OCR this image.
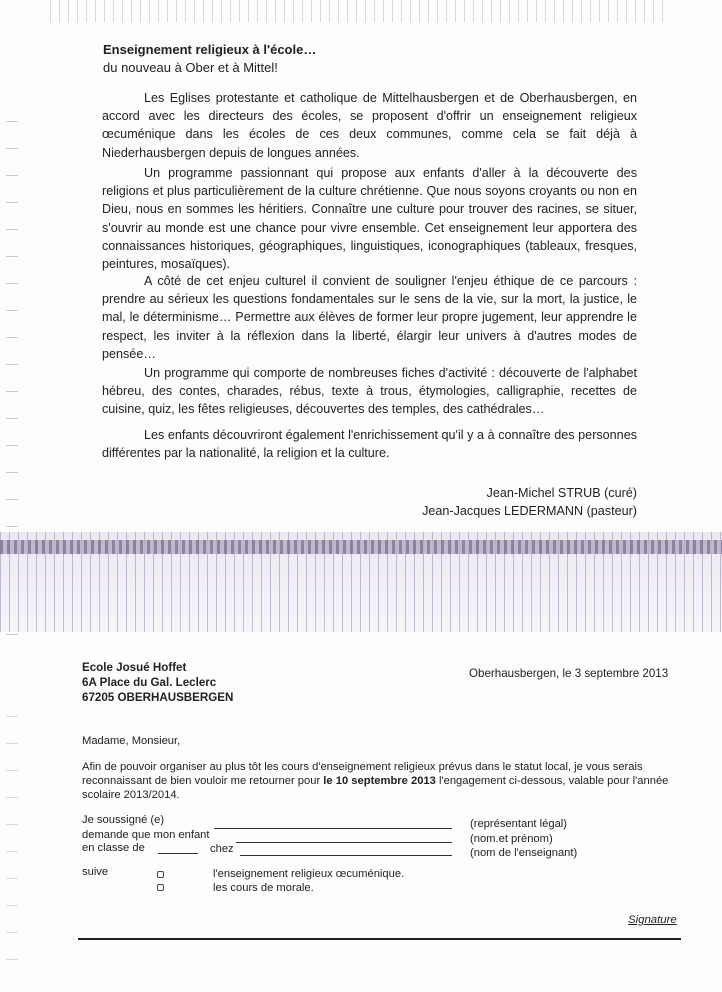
Enseignement religieux à l'école…
du nouveau à Ober et à Mittel!

Les Eglises protestante et catholique de Mittelhausbergen et de Oberhausbergen, en accord avec les directeurs des écoles, se proposent d'offrir un enseignement religieux œcuménique dans les écoles de ces deux communes, comme cela se fait déjà à Niederhausbergen depuis de longues années.

Un programme passionnant qui propose aux enfants d'aller à la découverte des religions et plus particulièrement de la culture chrétienne. Que nous soyons croyants ou non en Dieu, nous en sommes les héritiers. Connaître une culture pour trouver des racines, se situer, s'ouvrir au monde est une chance pour vivre ensemble. Cet enseignement leur apportera des connaissances historiques, géographiques, linguistiques, iconographiques (tableaux, fresques, peintures, mosaïques).

A côté de cet enjeu culturel il convient de souligner l'enjeu éthique de ce parcours : prendre au sérieux les questions fondamentales sur le sens de la vie, sur la mort, la justice, le mal, le déterminisme… Permettre aux élèves de former leur propre jugement, leur apprendre le respect, les inviter à la réflexion dans la liberté, élargir leur univers à d'autres modes de pensée…

Un programme qui comporte de nombreuses fiches d'activité : découverte de l'alphabet hébreu, des contes, charades, rébus, texte à trous, étymologies, calligraphie, recettes de cuisine, quiz, les fêtes religieuses, découvertes des temples, des cathédrales…

Les enfants découvriront également l'enrichissement qu'il y a à connaître des personnes différentes par la nationalité, la religion et la culture.

Jean-Michel STRUB (curé)
Jean-Jacques LEDERMANN (pasteur)
Ecole Josué Hoffet
6A Place du Gal. Leclerc
67205 OBERHAUSBERGEN
Oberhausbergen, le 3 septembre 2013
Madame, Monsieur,
Afin de pouvoir organiser au plus tôt les cours d'enseignement religieux prévus dans le statut local, je vous serais reconnaissant de bien vouloir me retourner pour le 10 septembre 2013 l'engagement ci-dessous, valable pour l'année scolaire 2013/2014.
Je soussigné (e)	(représentant légal)
demande que mon enfant	(nom.et prénom)
en classe de	chez	(nom de l'enseignant)
suive	l'enseignement religieux œcuménique.
les cours de morale.
Signature
